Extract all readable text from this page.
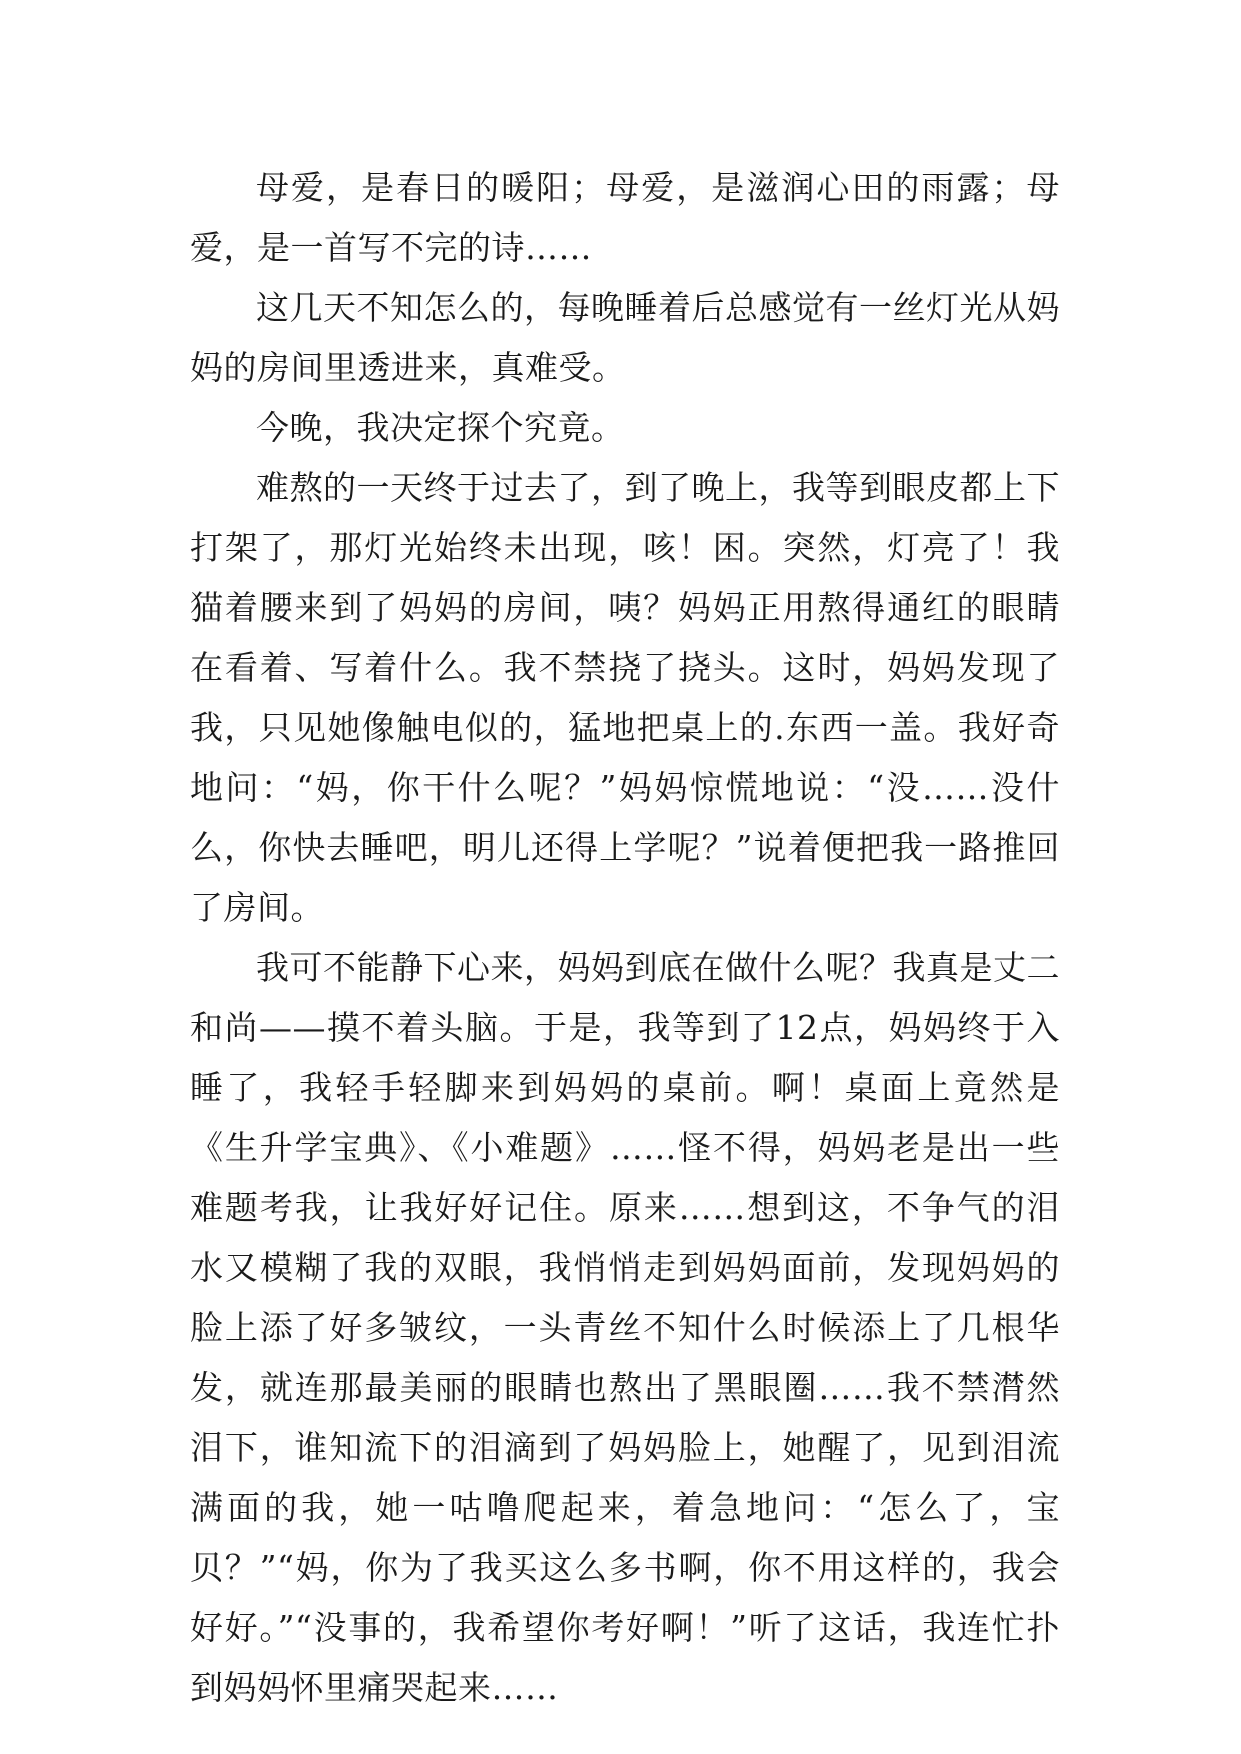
母爱，是春日的暖阳；母爱，是滋润心田的雨露；母爱，是一首写不完的诗……

这几天不知怎么的，每晚睡着后总感觉有一丝灯光从妈妈的房间里透进来，真难受。

今晚，我决定探个究竟。

难熬的一天终于过去了，到了晚上，我等到眼皮都上下打架了，那灯光始终未出现，咳！困。突然，灯亮了！我猫着腰来到了妈妈的房间，咦？妈妈正用熬得通红的眼睛在看着、写着什么。我不禁挠了挠头。这时，妈妈发现了我，只见她像触电似的，猛地把桌上的.东西一盖。我好奇地问：“妈，你干什么呢？”妈妈惊慌地说：“没……没什么，你快去睡吧，明儿还得上学呢？”说着便把我一路推回了房间。

我可不能静下心来，妈妈到底在做什么呢？我真是丈二和尚——摸不着头脑。于是，我等到了12点，妈妈终于入睡了，我轻手轻脚来到妈妈的桌前。啊！桌面上竟然是《生升学宝典》、《小难题》……怪不得，妈妈老是出一些难题考我，让我好好记住。原来……想到这，不争气的泪水又模糊了我的双眼，我悄悄走到妈妈面前，发现妈妈的脸上添了好多皱纹，一头青丝不知什么时候添上了几根华发，就连那最美丽的眼睛也熬出了黑眼圈……我不禁潸然泪下，谁知流下的泪滴到了妈妈脸上，她醒了，见到泪流满面的我，她一咕噜爬起来，着急地问：“怎么了，宝贝？”“妈，你为了我买这么多书啊，你不用这样的，我会好好。”“没事的，我希望你考好啊！”听了这话，我连忙扑到妈妈怀里痛哭起来……
